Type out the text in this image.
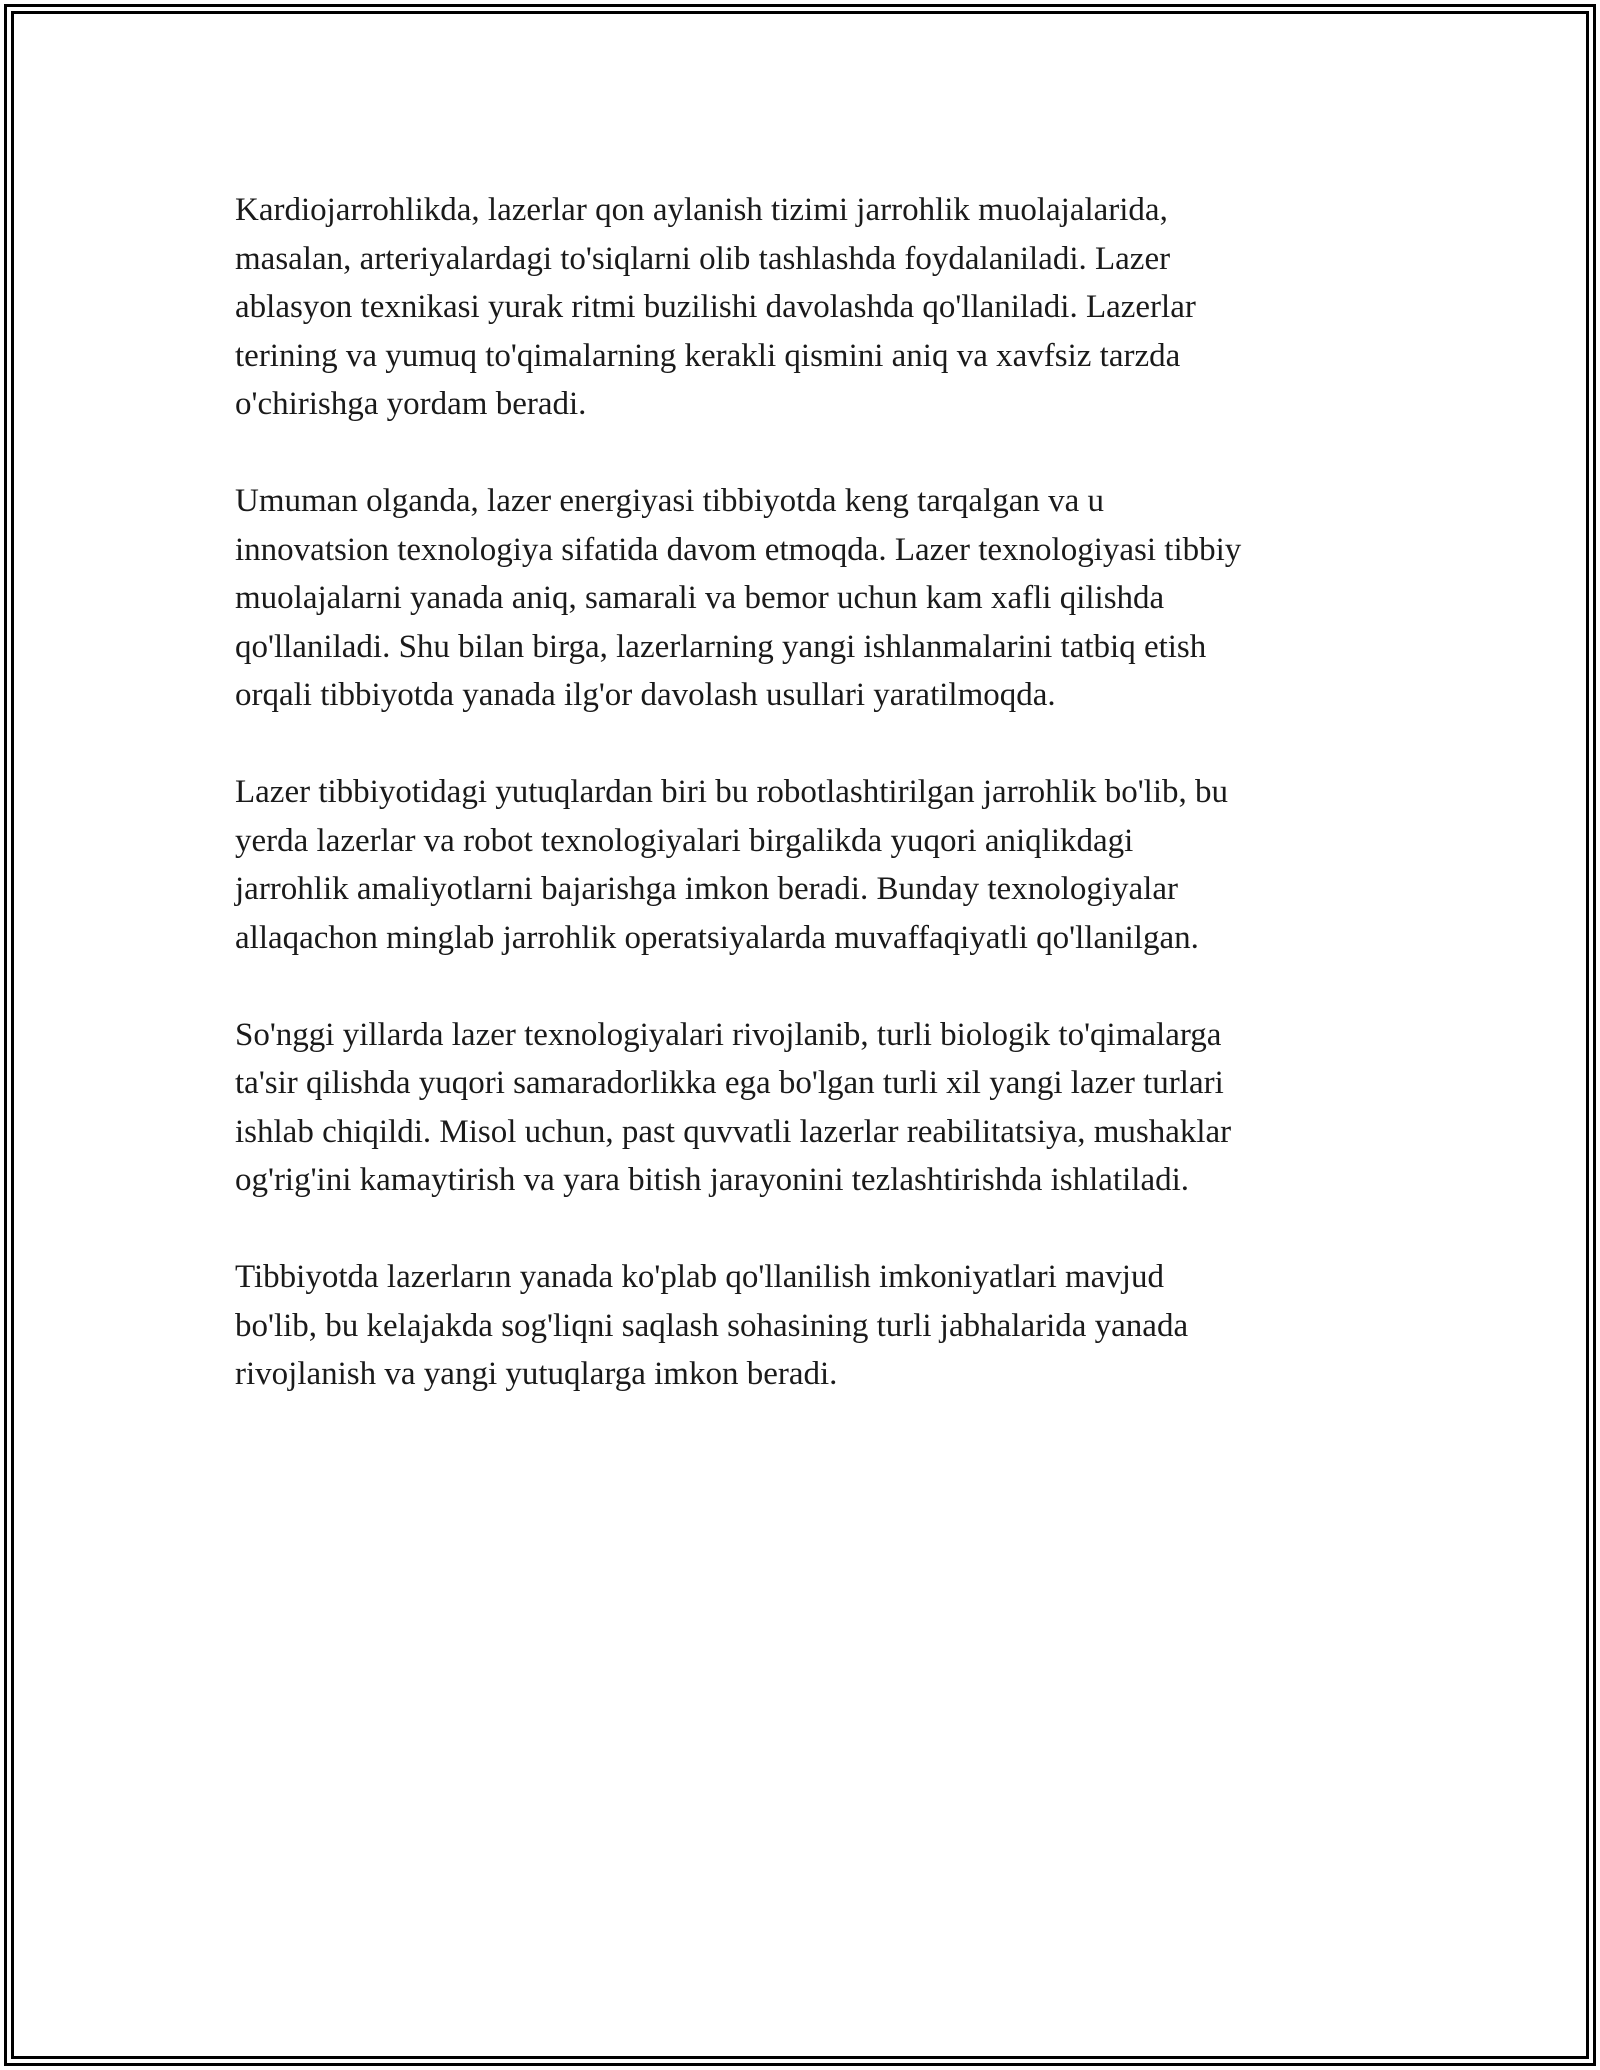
Kardiojarrohlikda, lazerlar qon aylanish tizimi jarrohlik muolajalarida,
masalan, arteriyalardagi to'siqlarni olib tashlashda foydalaniladi. Lazer
ablasyon texnikasi yurak ritmi buzilishi davolashda qo'llaniladi. Lazerlar
terining va yumuq to'qimalarning kerakli qismini aniq va xavfsiz tarzda
o'chirishga yordam beradi.

Umuman olganda, lazer energiyasi tibbiyotda keng tarqalgan va u
innovatsion texnologiya sifatida davom etmoqda. Lazer texnologiyasi tibbiy
muolajalarni yanada aniq, samarali va bemor uchun kam xafli qilishda
qo'llaniladi. Shu bilan birga, lazerlarning yangi ishlanmalarini tatbiq etish
orqali tibbiyotda yanada ilg'or davolash usullari yaratilmoqda.

Lazer tibbiyotidagi yutuqlardan biri bu robotlashtirilgan jarrohlik bo'lib, bu
yerda lazerlar va robot texnologiyalari birgalikda yuqori aniqlikdagi
jarrohlik amaliyotlarni bajarishga imkon beradi. Bunday texnologiyalar
allaqachon minglab jarrohlik operatsiyalarda muvaffaqiyatli qo'llanilgan.

So'nggi yillarda lazer texnologiyalari rivojlanib, turli biologik to'qimalarga
ta'sir qilishda yuqori samaradorlikka ega bo'lgan turli xil yangi lazer turlari
ishlab chiqildi. Misol uchun, past quvvatli lazerlar reabilitatsiya, mushaklar
og'rig'ini kamaytirish va yara bitish jarayonini tezlashtirishda ishlatiladi.

Tibbiyotda lazerların yanada ko'plab qo'llanilish imkoniyatlari mavjud
bo'lib, bu kelajakda sog'liqni saqlash sohasining turli jabhalarida yanada
rivojlanish va yangi yutuqlarga imkon beradi.
